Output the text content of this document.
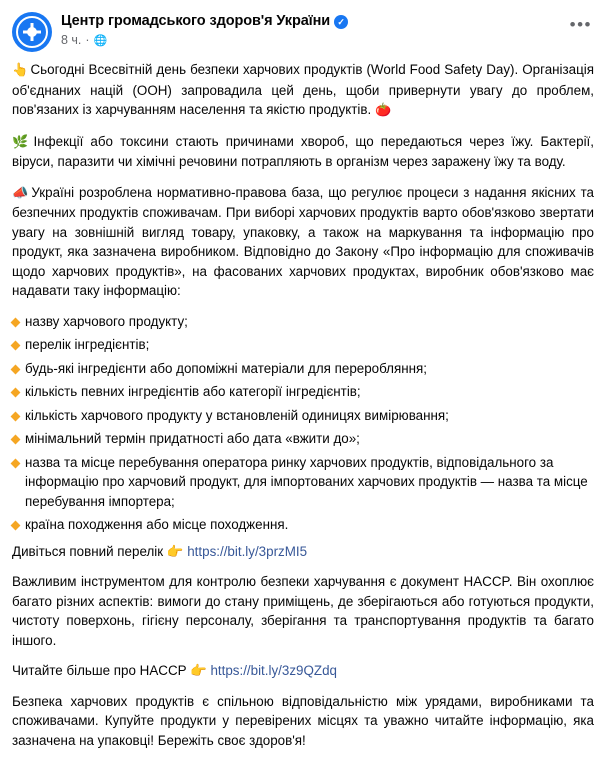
Центр громадського здоров'я України ✓
8 ч. · 🌐
•••

👆 Сьогодні Всесвітній день безпеки харчових продуктів (World Food Safety Day). Організація об'єднаних націй (ООН) запровадила цей день, щоби привернути увагу до проблем, пов'язаних із харчуванням населення та якістю продуктів. 🍅

🌿 Інфекції або токсини стають причинами хвороб, що передаються через їжу. Бактерії, віруси, паразити чи хімічні речовини потрапляють в організм через заражену їжу та воду.

📣 Україні розроблена нормативно-правова база, що регулює процеси з надання якісних та безпечних продуктів споживачам. При виборі харчових продуктів варто обов'язково звертати увагу на зовнішній вигляд товару, упаковку, а також на маркування та інформацію про продукт, яка зазначена виробником. Відповідно до Закону «Про інформацію для споживачів щодо харчових продуктів», на фасованих харчових продуктах, виробник обов'язково має надавати таку інформацію:

назву харчового продукту;

перелік інгредієнтів;

будь-які інгредієнти або допоміжні матеріали для переробляння;

кількість певних інгредієнтів або категорії інгредієнтів;

кількість харчового продукту у встановленій одиницях вимірювання;

мінімальний термін придатності або дата «вжити до»;

назва та місце перебування оператора ринку харчових продуктів, відповідального за інформацію про харчовий продукт, для імпортованих харчових продуктів — назва та місце перебування імпортера;

країна походження або місце походження.

Дивіться повний перелік 👉 https://bit.ly/3przMI5

Важливим інструментом для контролю безпеки харчування є документ HACCP. Він охоплює багато різних аспектів: вимоги до стану приміщень, де зберігаються або готуються продукти, чистоту поверхонь, гігієну персоналу, зберігання та транспортування продуктів та багато іншого.

Читайте більше про HACCP 👉 https://bit.ly/3z9QZdq

Безпека харчових продуктів є спільною відповідальністю між урядами, виробниками та споживачами. Купуйте продукти у перевірених місцях та уважно читайте інформацію, яка зазначена на упаковці! Бережіть своє здоров'я!
